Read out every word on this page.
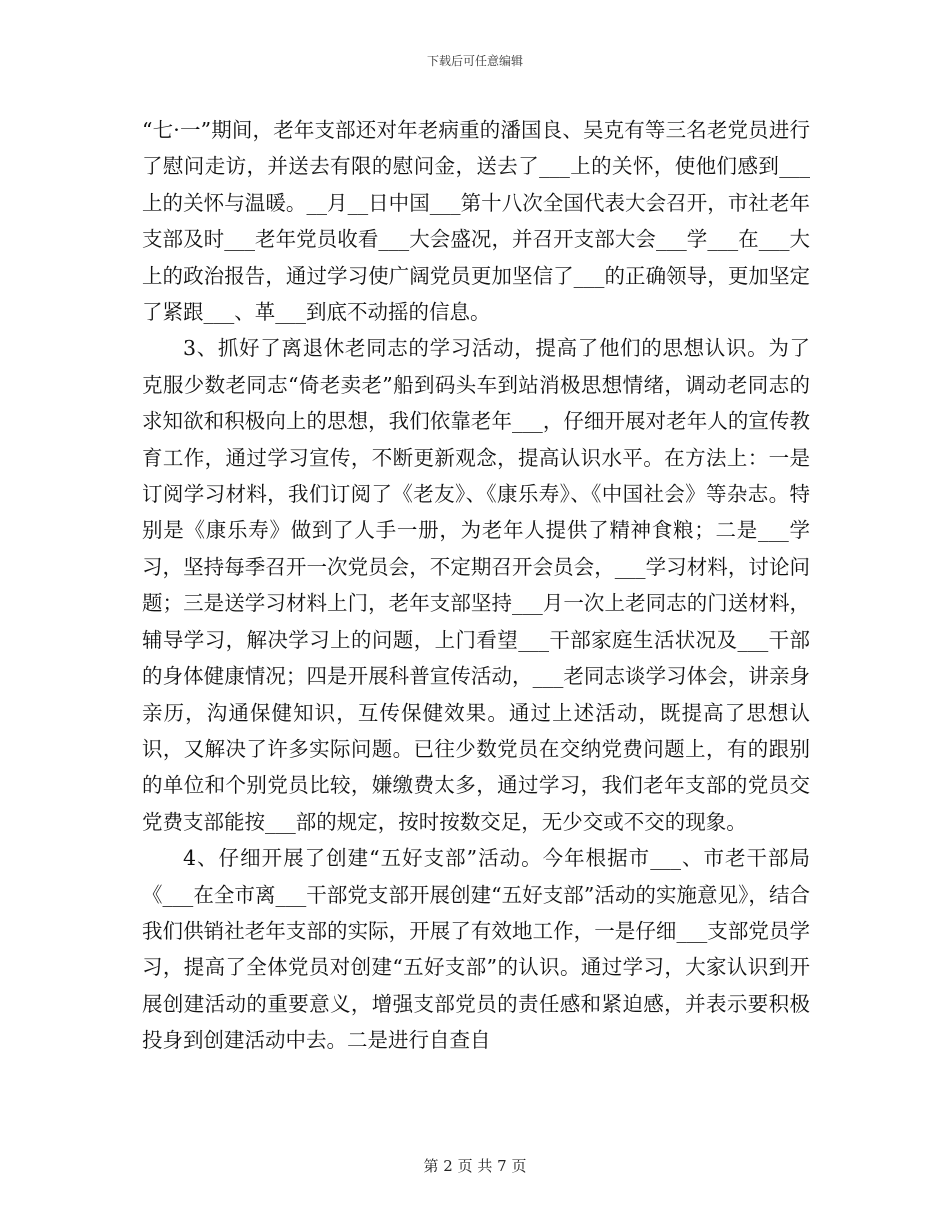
下载后可任意编辑

“七·一”期间，老年支部还对年老病重的潘国良、吴克有等三名老党员进行了慰问走访，并送去有限的慰问金，送去了___上的关怀，使他们感到___上的关怀与温暖。__月__日中国___第十八次全国代表大会召开，市社老年支部及时___老年党员收看___大会盛况，并召开支部大会___学___在___大上的政治报告，通过学习使广阔党员更加坚信了___的正确领导，更加坚定了紧跟___、革___到底不动摇的信息。

3、抓好了离退休老同志的学习活动，提高了他们的思想认识。为了克服少数老同志“倚老卖老”船到码头车到站消极思想情绪，调动老同志的求知欲和积极向上的思想，我们依靠老年___，仔细开展对老年人的宣传教育工作，通过学习宣传，不断更新观念，提高认识水平。在方法上：一是订阅学习材料，我们订阅了《老友》、《康乐寿》、《中国社会》等杂志。特别是《康乐寿》做到了人手一册，为老年人提供了精神食粮；二是___学习，坚持每季召开一次党员会，不定期召开会员会，___学习材料，讨论问题；三是送学习材料上门，老年支部坚持___月一次上老同志的门送材料，辅导学习，解决学习上的问题，上门看望___干部家庭生活状况及___干部的身体健康情况；四是开展科普宣传活动，___老同志谈学习体会，讲亲身亲历，沟通保健知识，互传保健效果。通过上述活动，既提高了思想认识，又解决了许多实际问题。已往少数党员在交纳党费问题上，有的跟别的单位和个别党员比较，嫌缴费太多，通过学习，我们老年支部的党员交党费支部能按___部的规定，按时按数交足，无少交或不交的现象。

4、仔细开展了创建“五好支部”活动。今年根据市___、市老干部局《___在全市离___干部党支部开展创建“五好支部”活动的实施意见》，结合我们供销社老年支部的实际，开展了有效地工作，一是仔细___支部党员学习，提高了全体党员对创建“五好支部”的认识。通过学习，大家认识到开展创建活动的重要意义，增强支部党员的责任感和紧迫感，并表示要积极投身到创建活动中去。二是进行自查自

第 2 页 共 7 页
